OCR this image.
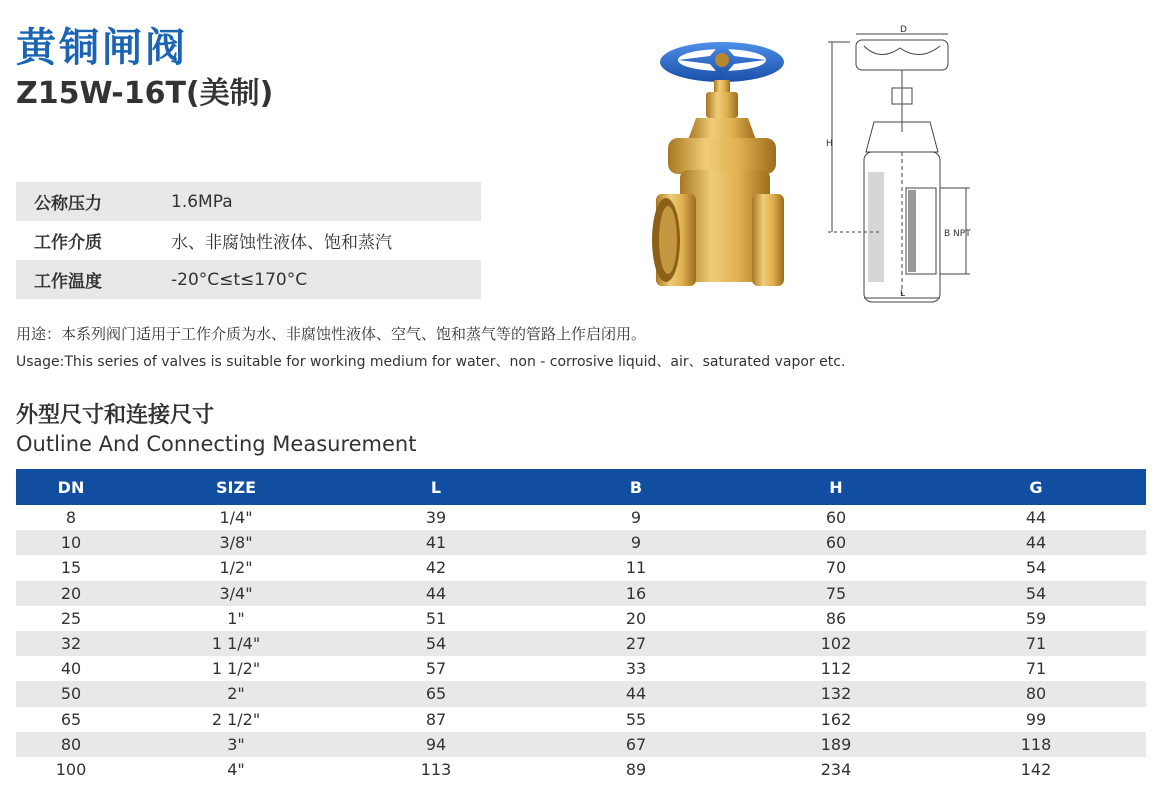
黄铜闸阀
Z15W-16T(美制)
公称压力	1.6MPa
工作介质	水、非腐蚀性液体、饱和蒸汽
工作温度	-20°C≤t≤170°C
D
H
B NPT
L
用途：本系列阀门适用于工作介质为水、非腐蚀性液体、空气、饱和蒸气等的管路上作启闭用。
Usage:This series of valves is suitable for working medium for water、non - corrosive liquid、air、saturated vapor etc.
外型尺寸和连接尺寸
Outline And Connecting Measurement
DN	SIZE	L	B	H	G
8	1/4"	39	9	60	44
10	3/8"	41	9	60	44
15	1/2"	42	11	70	54
20	3/4"	44	16	75	54
25	1"	51	20	86	59
32	1 1/4"	54	27	102	71
40	1 1/2"	57	33	112	71
50	2"	65	44	132	80
65	2 1/2"	87	55	162	99
80	3"	94	67	189	118
100	4"	113	89	234	142
